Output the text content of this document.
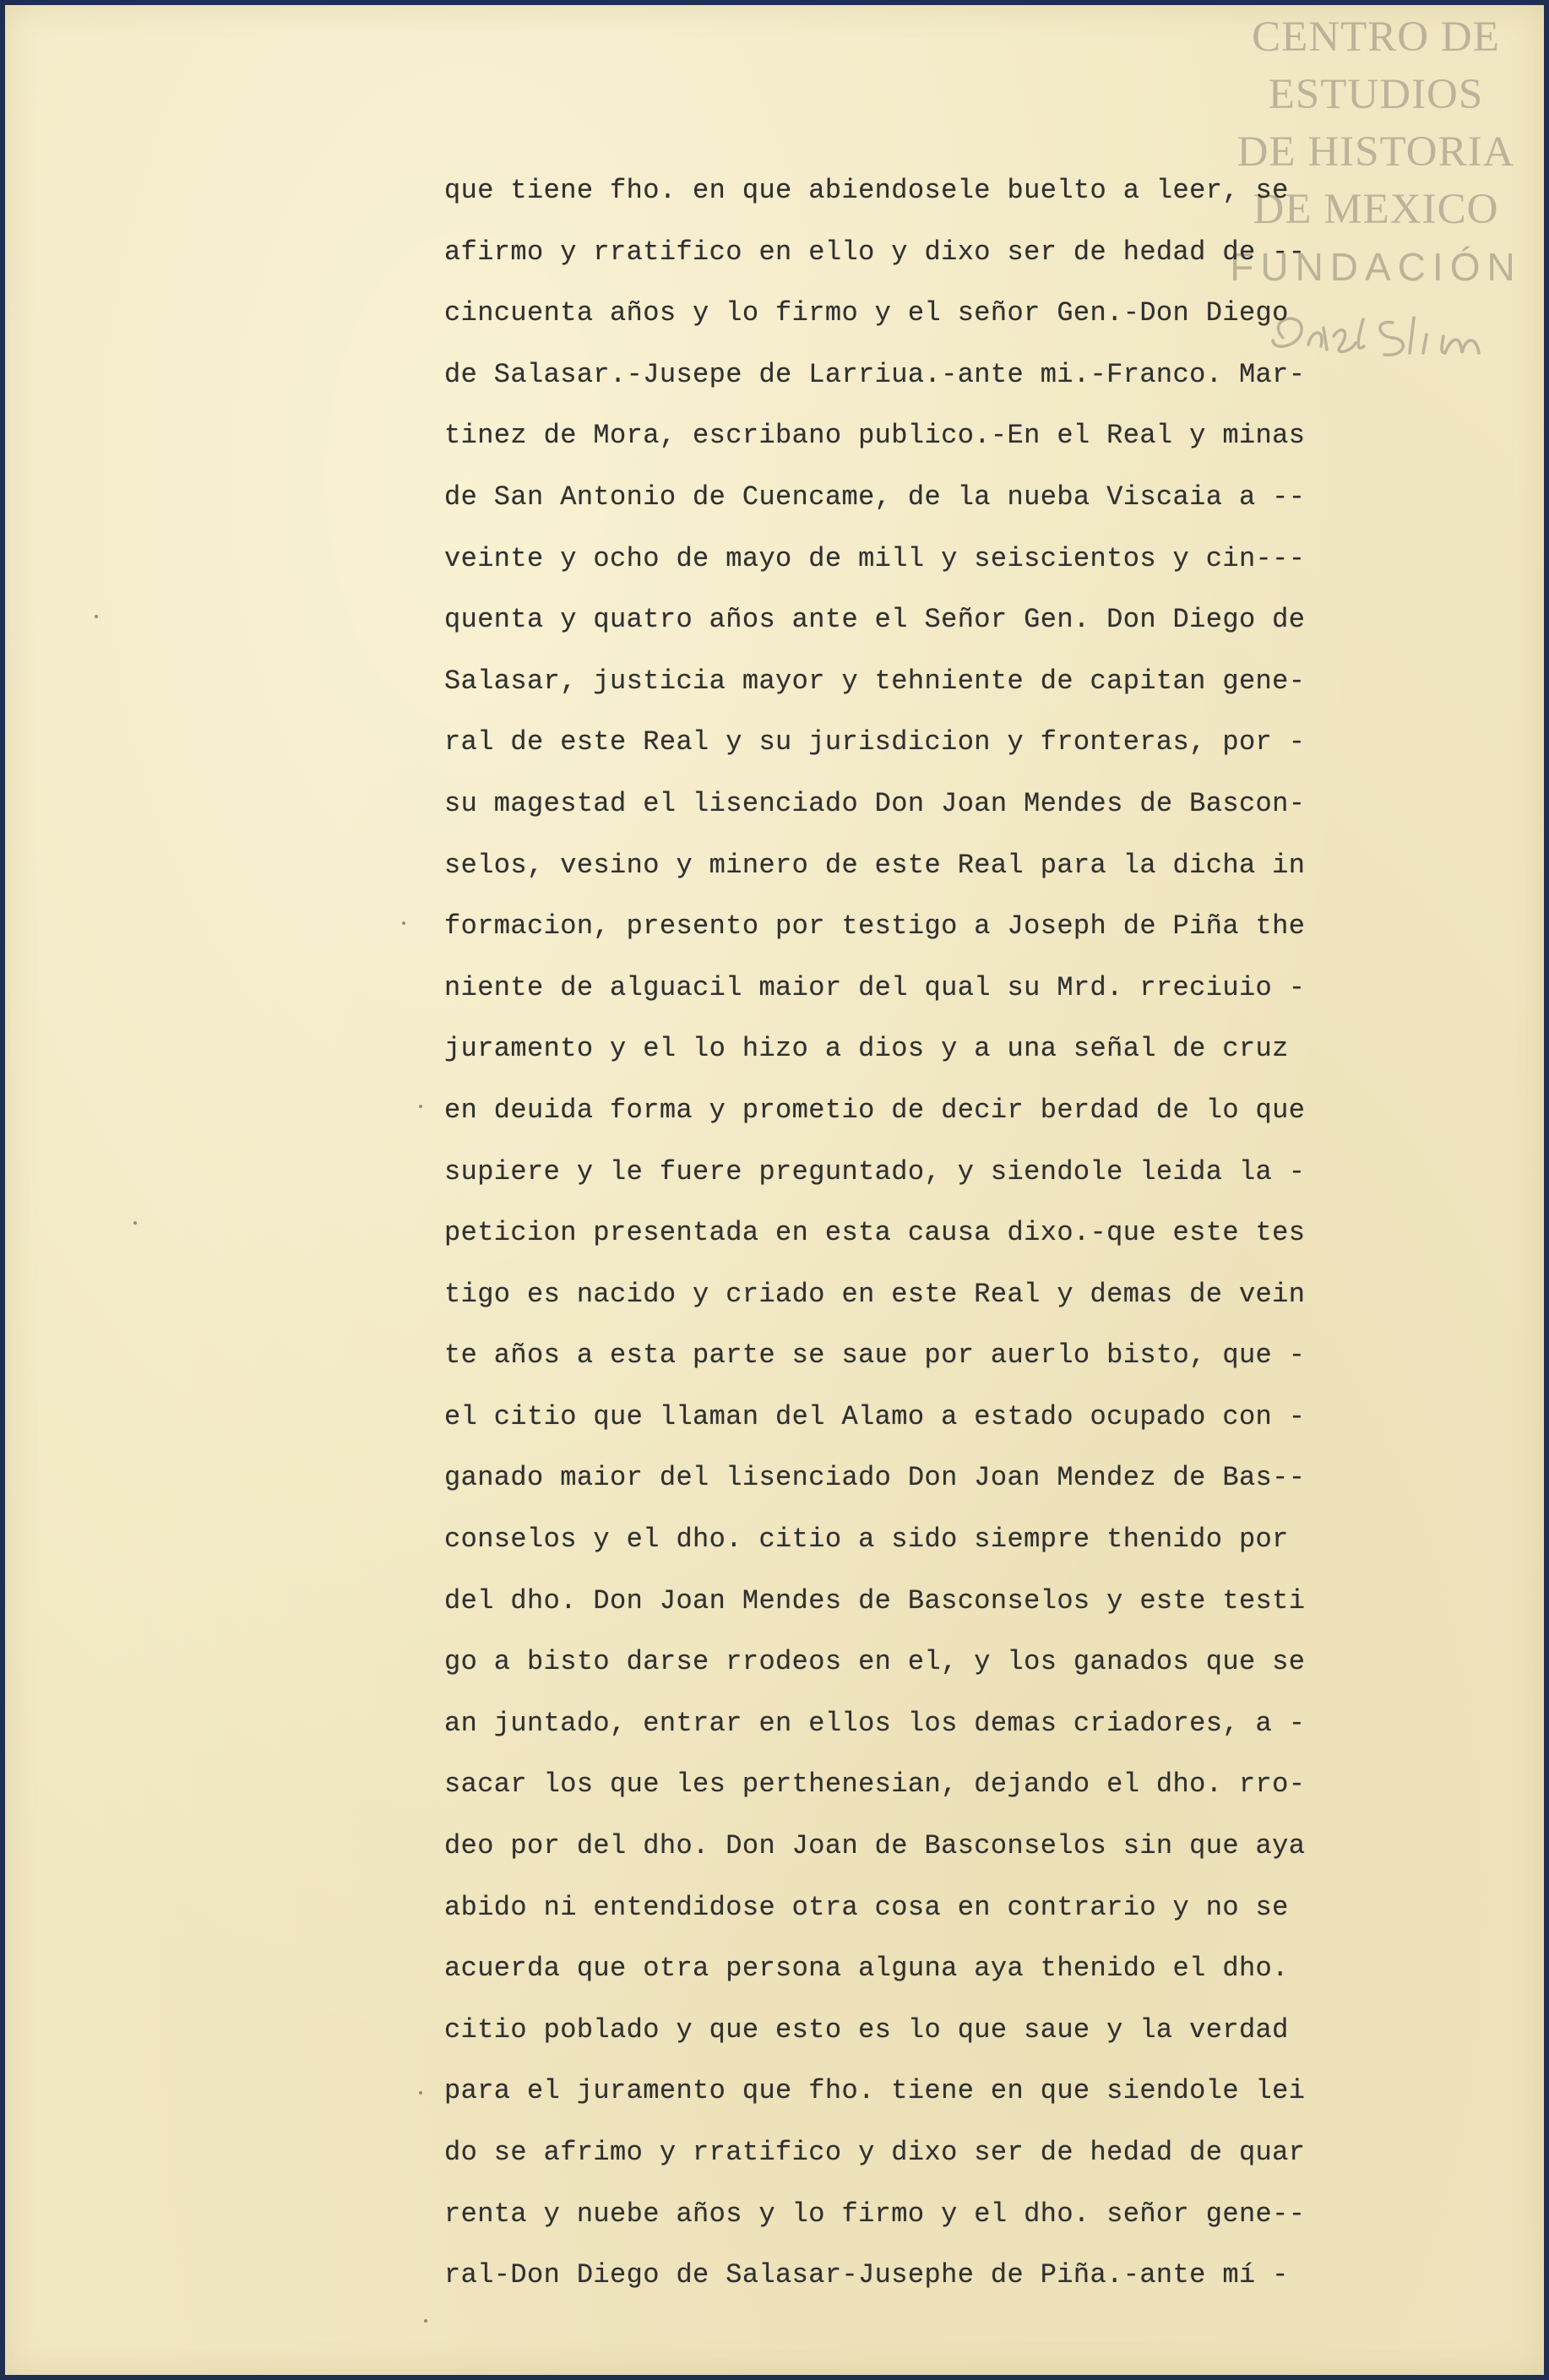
CENTRO DE
ESTUDIOS
DE HISTORIA
DE MEXICO
FUNDACIÓN
que tiene fho. en que abiendosele buelto a leer, se
afirmo y rratifico en ello y dixo ser de hedad de --
cincuenta años y lo firmo y el señor Gen.-Don Diego
de Salasar.-Jusepe de Larriua.-ante mi.-Franco. Mar-
tinez de Mora, escribano publico.-En el Real y minas
de San Antonio de Cuencame, de la nueba Viscaia a --
veinte y ocho de mayo de mill y seiscientos y cin---
quenta y quatro años ante el Señor Gen. Don Diego de
Salasar, justicia mayor y tehniente de capitan gene-
ral de este Real y su jurisdicion y fronteras, por -
su magestad el lisenciado Don Joan Mendes de Bascon-
selos, vesino y minero de este Real para la dicha in
formacion, presento por testigo a Joseph de Piña the
niente de alguacil maior del qual su Mrd. rreciuio -
juramento y el lo hizo a dios y a una señal de cruz
en deuida forma y prometio de decir berdad de lo que
supiere y le fuere preguntado, y siendole leida la -
peticion presentada en esta causa dixo.-que este tes
tigo es nacido y criado en este Real y demas de vein
te años a esta parte se saue por auerlo bisto, que -
el citio que llaman del Alamo a estado ocupado con -
ganado maior del lisenciado Don Joan Mendez de Bas--
conselos y el dho. citio a sido siempre thenido por
del dho. Don Joan Mendes de Basconselos y este testi
go a bisto darse rrodeos en el, y los ganados que se
an juntado, entrar en ellos los demas criadores, a -
sacar los que les perthenesian, dejando el dho. rro-
deo por del dho. Don Joan de Basconselos sin que aya
abido ni entendidose otra cosa en contrario y no se
acuerda que otra persona alguna aya thenido el dho.
citio poblado y que esto es lo que saue y la verdad
para el juramento que fho. tiene en que siendole lei
do se afrimo y rratifico y dixo ser de hedad de quar
renta y nuebe años y lo firmo y el dho. señor gene--
ral-Don Diego de Salasar-Jusephe de Piña.-ante mí -
